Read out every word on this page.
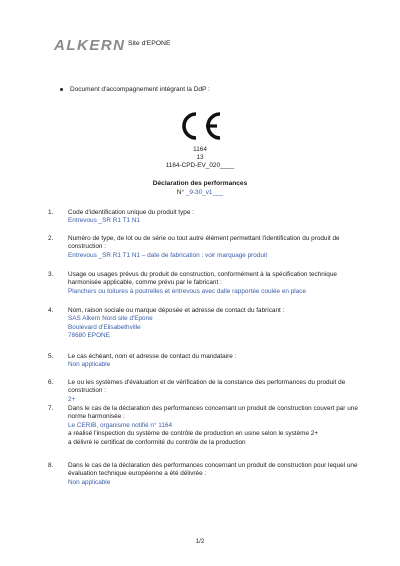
ALKERN Site d'EPONE
Document d'accompagnement intégrant la DdP :
1164
13
1164-CPD-EV_020____
Déclaration des performances
N° _9-30_v1___
1. Code d'identification unique du produit type :
Entrevous _SR R1 T1 N1
2. Numéro de type, de lot ou de série ou tout autre élément permettant l'identification du produit de construction :
Entrevous _SR R1 T1 N1 – date de fabrication : voir marquage produit
3. Usage ou usages prévus du produit de construction, conformément à la spécification technique harmonisée applicable, comme prévu par le fabricant :
Planchers ou toitures à poutrelles et entrevous avec dalle rapportée coulée en place
4. Nom, raison sociale ou marque déposée et adresse de contact du fabricant :
SAS Alkern Nord site d'Epone
Boulevard d'Elisabethville
78680 EPONE
5. Le cas échéant, nom et adresse de contact du mandataire :
Non applicable
6. Le ou les systèmes d'évaluation et de vérification de la constance des performances du produit de construction :
2+
7. Dans le cas de la déclaration des performances concernant un produit de construction couvert par une norme harmonisée :
Le CERIB, organisme notifié n° 1164
a réalisé l'inspection du système de contrôle de production en usine selon le système 2+
a délivré le certificat de conformité du contrôle de la production
8. Dans le cas de la déclaration des performances concernant un produit de construction pour lequel une évaluation technique européenne a été délivrée :
Non applicable
1/2
